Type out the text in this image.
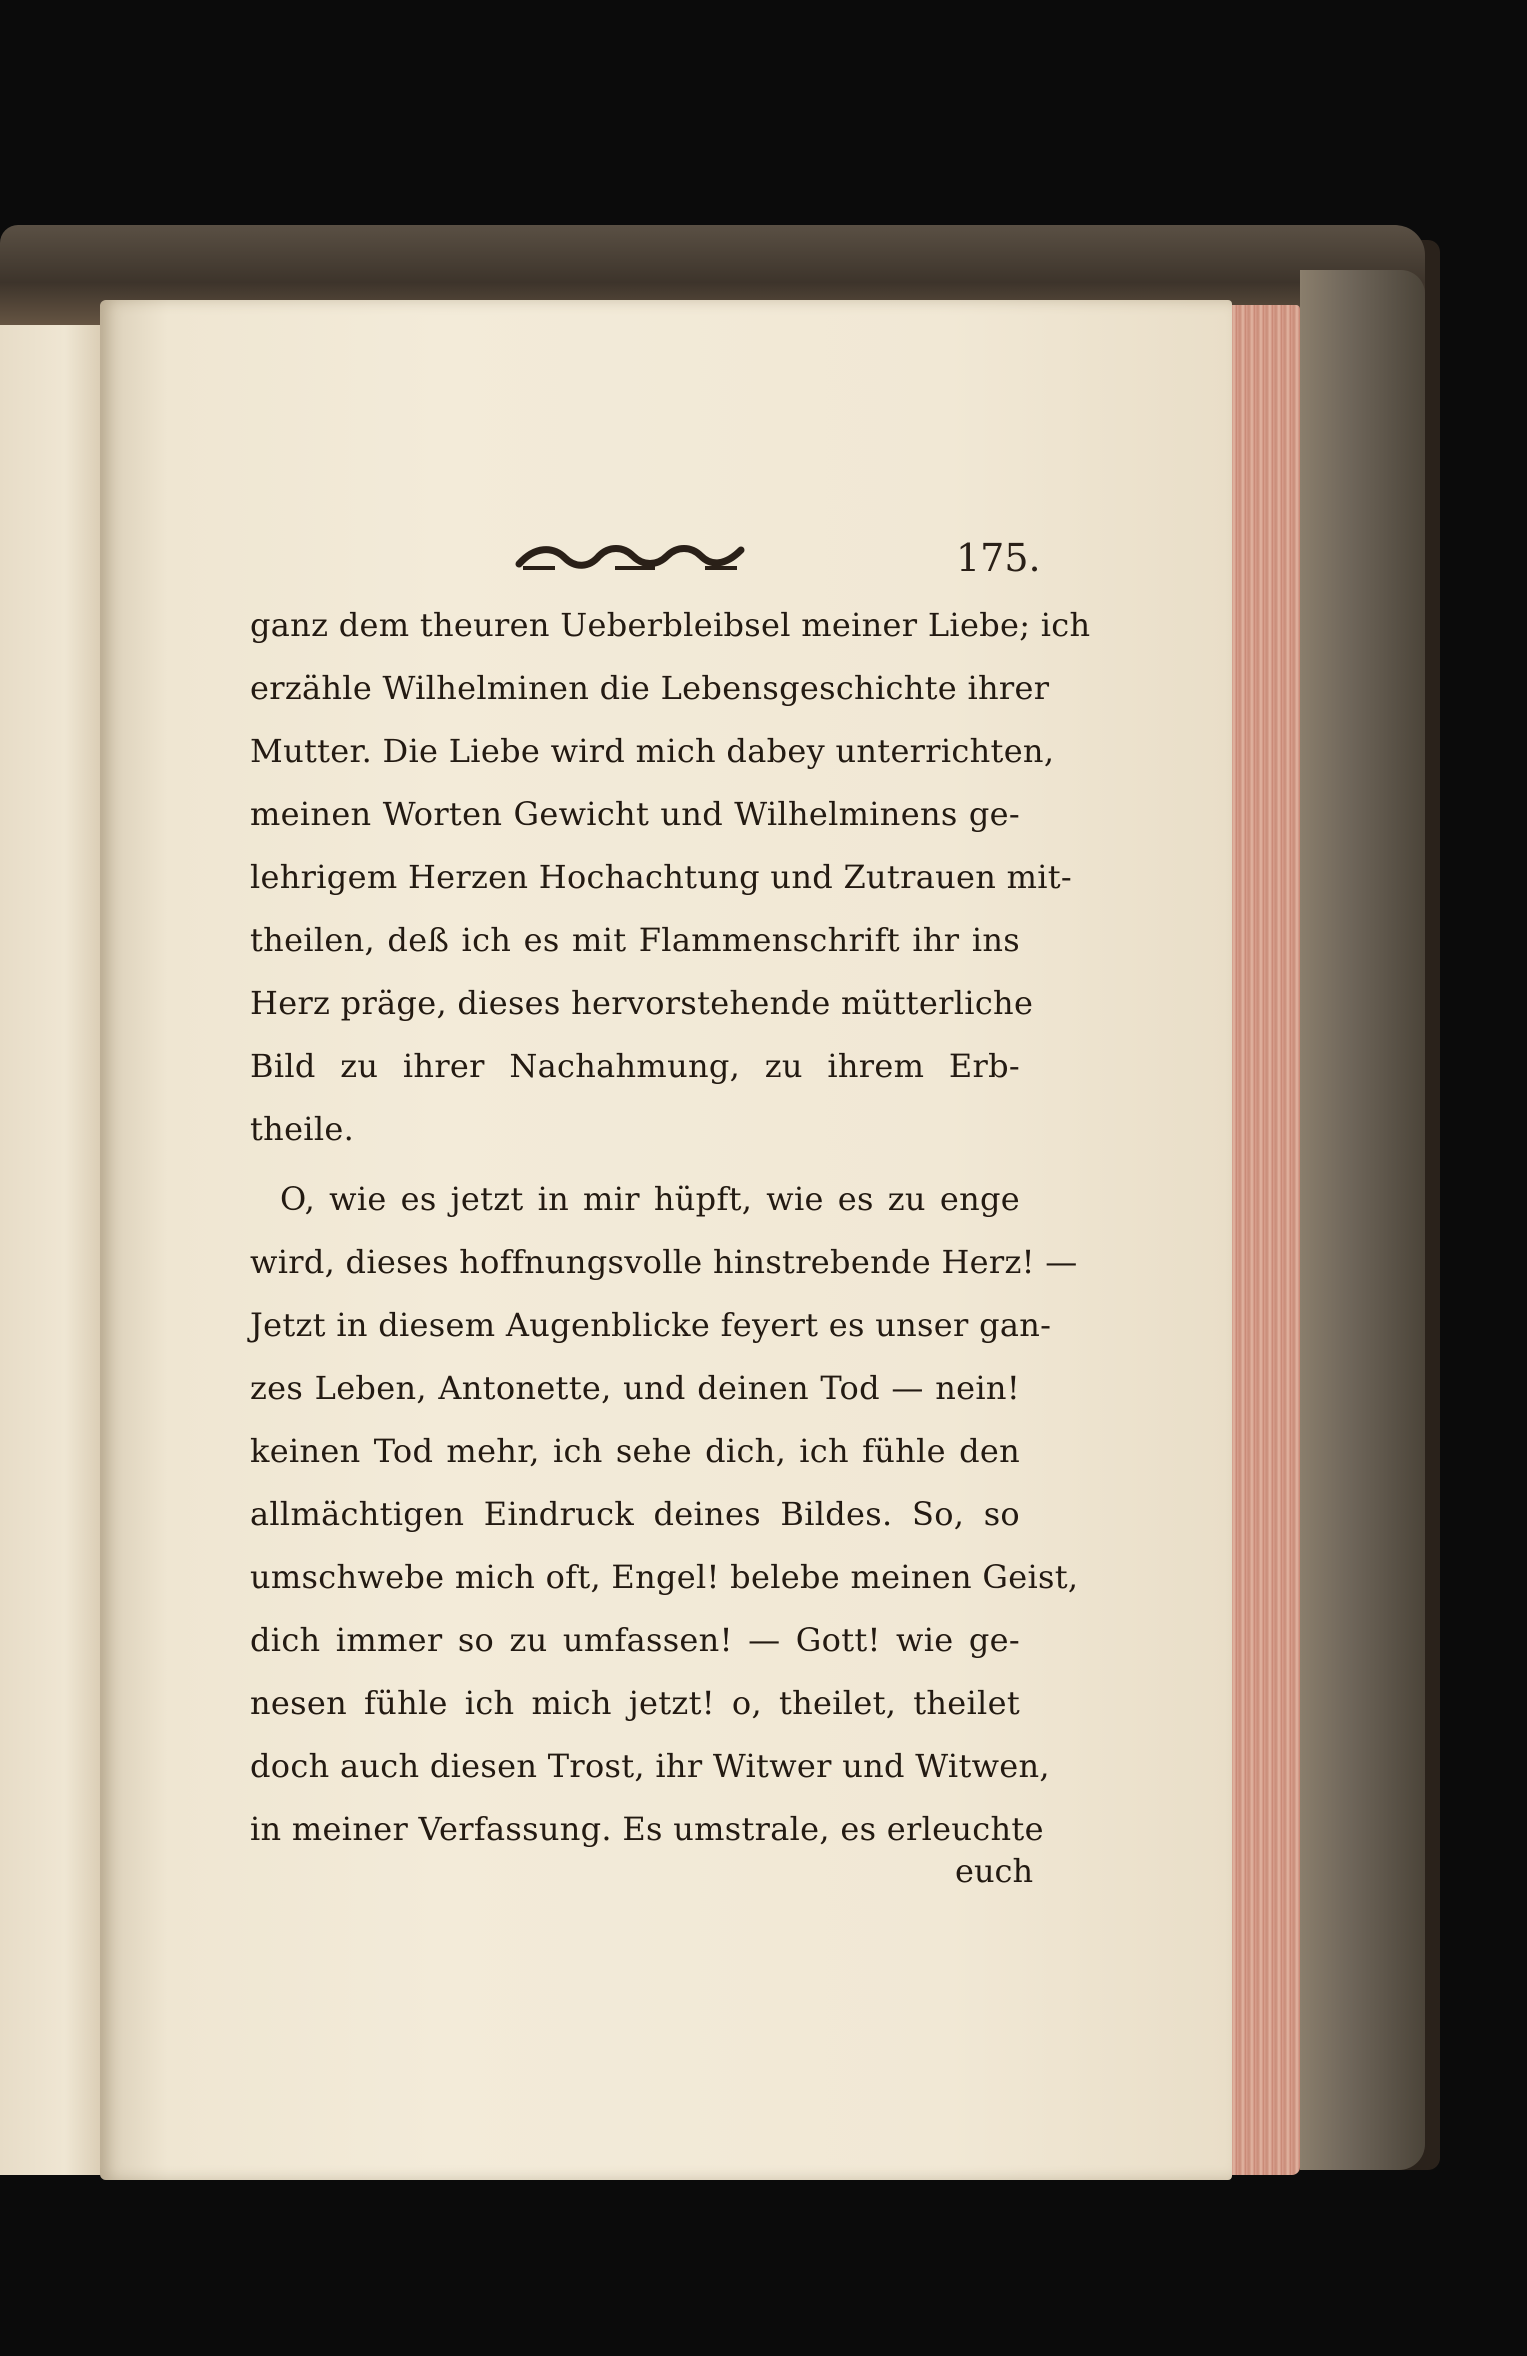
175.
ganz dem theuren Ueberbleibsel meiner Liebe; ich
erzähle Wilhelminen die Lebensgeschichte ihrer
Mutter. Die Liebe wird mich dabey unterrichten,
meinen Worten Gewicht und Wilhelminens ge-
lehrigem Herzen Hochachtung und Zutrauen mit-
theilen, deß ich es mit Flammenschrift ihr ins
Herz präge, dieses hervorstehende mütterliche
Bild zu ihrer Nachahmung, zu ihrem Erb-
theile.
O, wie es jetzt in mir hüpft, wie es zu enge
wird, dieses hoffnungsvolle hinstrebende Herz! —
Jetzt in diesem Augenblicke feyert es unser gan-
zes Leben, Antonette, und deinen Tod — nein!
keinen Tod mehr, ich sehe dich, ich fühle den
allmächtigen Eindruck deines Bildes. So, so
umschwebe mich oft, Engel! belebe meinen Geist,
dich immer so zu umfassen! — Gott! wie ge-
nesen fühle ich mich jetzt! o, theilet, theilet
doch auch diesen Trost, ihr Witwer und Witwen,
in meiner Verfassung. Es umstrale, es erleuchte
euch
